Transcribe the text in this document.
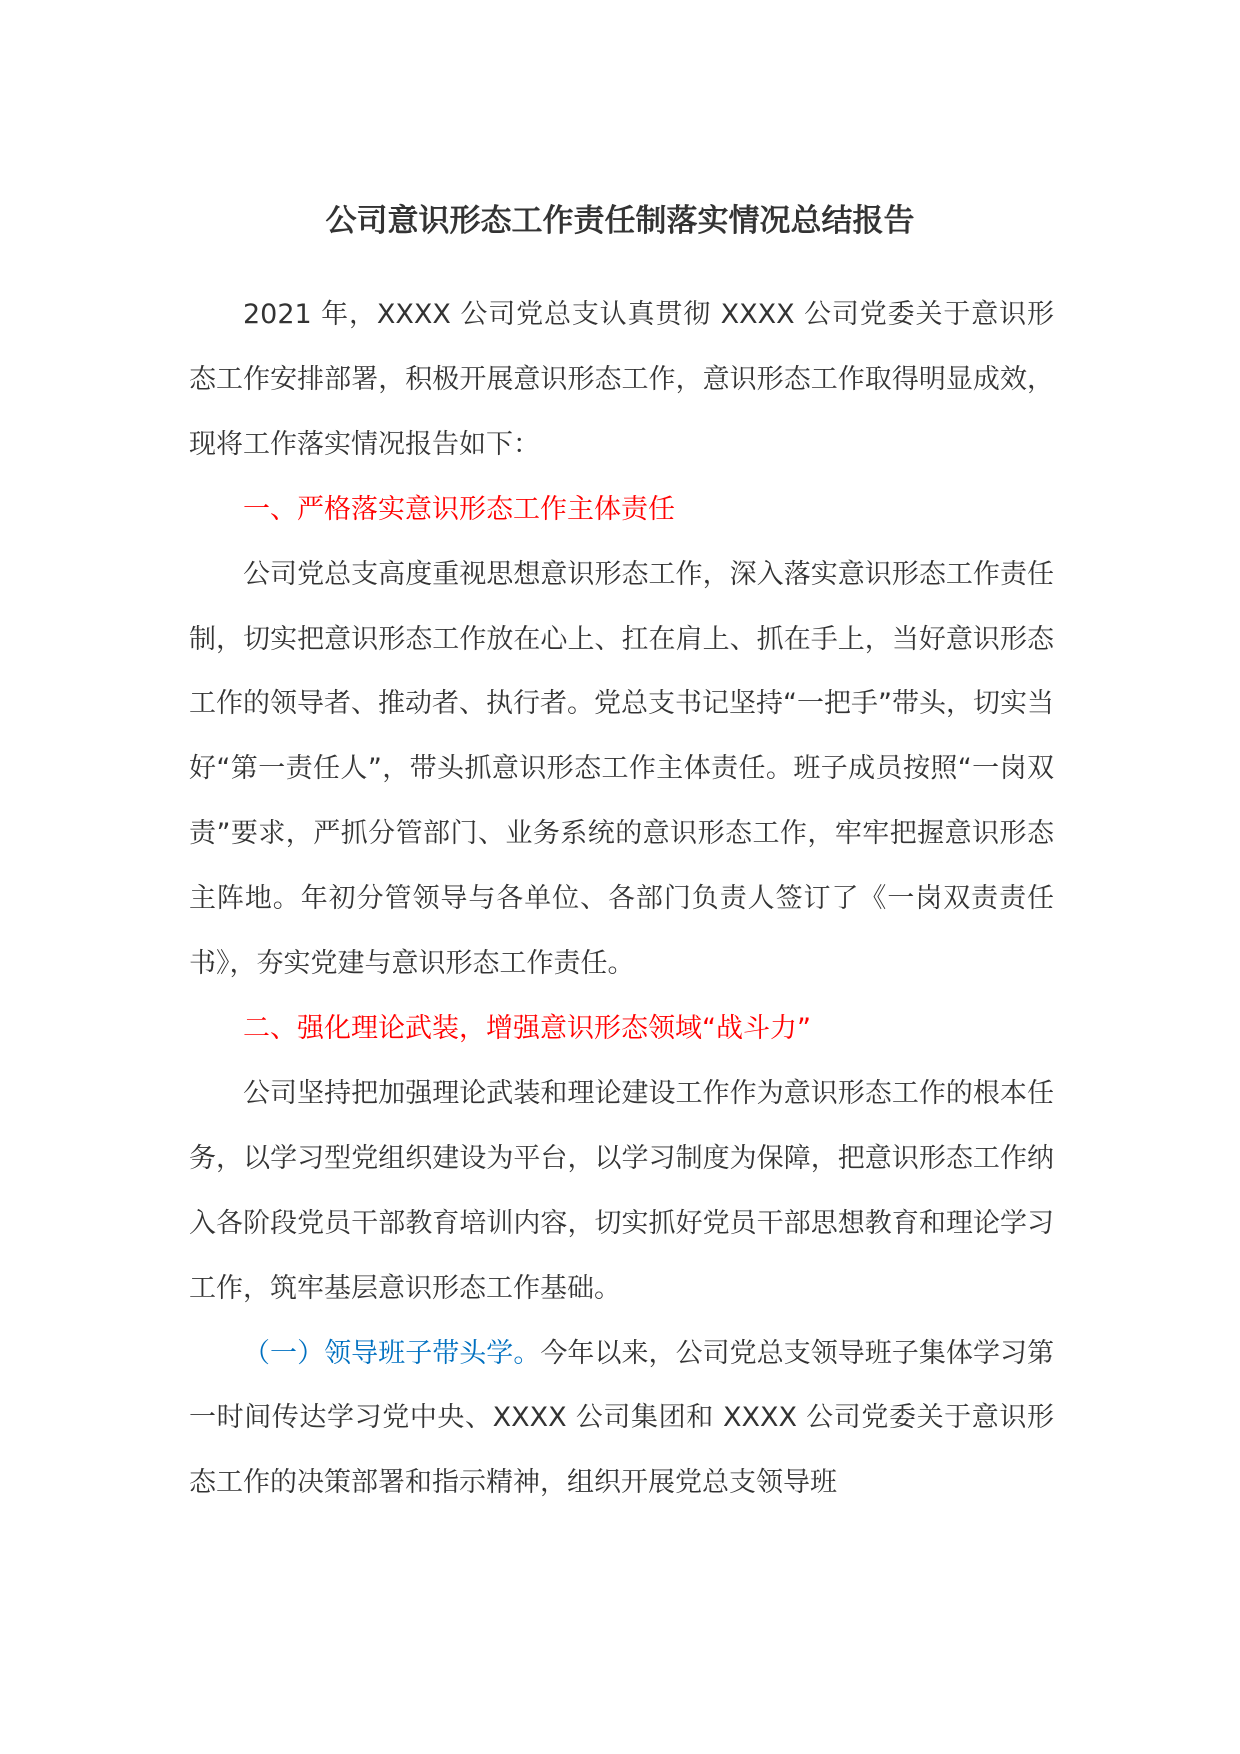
公司意识形态工作责任制落实情况总结报告

2021 年，XXXX 公司党总支认真贯彻 XXXX 公司党委关于意识形态工作安排部署，积极开展意识形态工作，意识形态工作取得明显成效，现将工作落实情况报告如下：

一、严格落实意识形态工作主体责任

公司党总支高度重视思想意识形态工作，深入落实意识形态工作责任制，切实把意识形态工作放在心上、扛在肩上、抓在手上，当好意识形态工作的领导者、推动者、执行者。党总支书记坚持“一把手”带头，切实当好“第一责任人”，带头抓意识形态工作主体责任。班子成员按照“一岗双责”要求，严抓分管部门、业务系统的意识形态工作，牢牢把握意识形态主阵地。年初分管领导与各单位、各部门负责人签订了《一岗双责责任书》，夯实党建与意识形态工作责任。

二、强化理论武装，增强意识形态领域“战斗力”

公司坚持把加强理论武装和理论建设工作作为意识形态工作的根本任务，以学习型党组织建设为平台，以学习制度为保障，把意识形态工作纳入各阶段党员干部教育培训内容，切实抓好党员干部思想教育和理论学习工作，筑牢基层意识形态工作基础。

（一）领导班子带头学。今年以来，公司党总支领导班子集体学习第一时间传达学习党中央、XXXX 公司集团和 XXXX 公司党委关于意识形态工作的决策部署和指示精神，组织开展党总支领导班
